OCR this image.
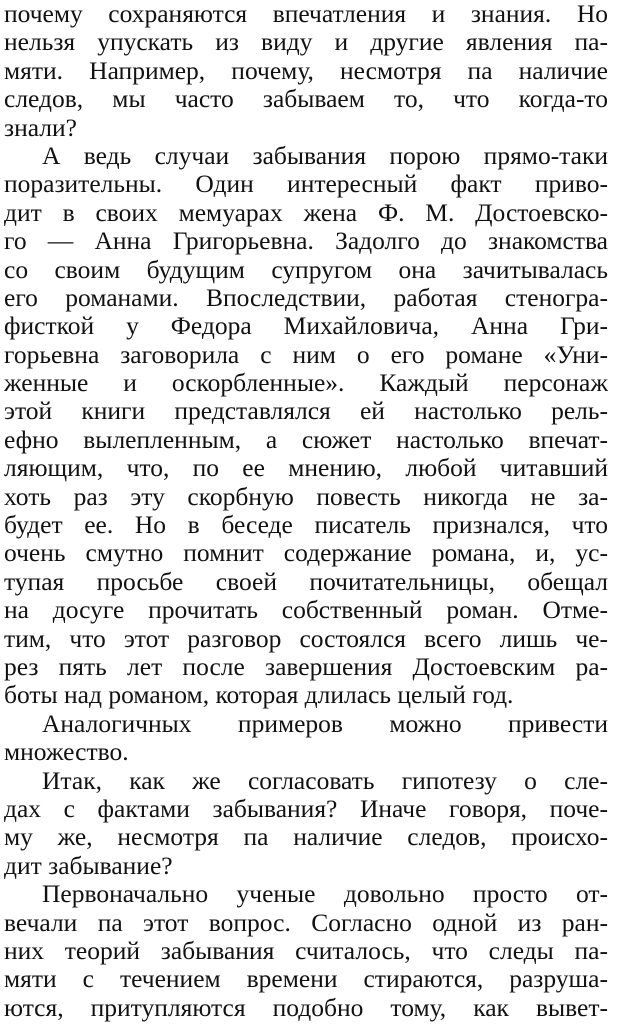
почему сохраняются впечатления и знания. Но
нельзя упускать из виду и другие явления па-
мяти. Например, почему, несмотря па наличие
следов, мы часто забываем то, что когда-то
знали?
А ведь случаи забывания порою прямо-таки
поразительны. Один интересный факт приво-
дит в своих мемуарах жена Ф. М. Достоевско-
го — Анна Григорьевна. Задолго до знакомства
со своим будущим супругом она зачитывалась
его романами. Впоследствии, работая стеногра-
фисткой у Федора Михайловича, Анна Гри-
горьевна заговорила с ним о его романе «Уни-
женные и оскорбленные». Каждый персонаж
этой книги представлялся ей настолько рель-
ефно вылепленным, а сюжет настолько впечат-
ляющим, что, по ее мнению, любой читавший
хоть раз эту скорбную повесть никогда не за-
будет ее. Но в беседе писатель признался, что
очень смутно помнит содержание романа, и, ус-
тупая просьбе своей почитательницы, обещал
на досуге прочитать собственный роман. Отме-
тим, что этот разговор состоялся всего лишь че-
рез пять лет после завершения Достоевским ра-
боты над романом, которая длилась целый год.
Аналогичных примеров можно привести
множество.
Итак, как же согласовать гипотезу о сле-
дах с фактами забывания? Иначе говоря, поче-
му же, несмотря па наличие следов, происхо-
дит забывание?
Первоначально ученые довольно просто от-
вечали па этот вопрос. Согласно одной из ран-
них теорий забывания считалось, что следы па-
мяти с течением времени стираются, разруша-
ются, притупляются подобно тому, как вывет-
